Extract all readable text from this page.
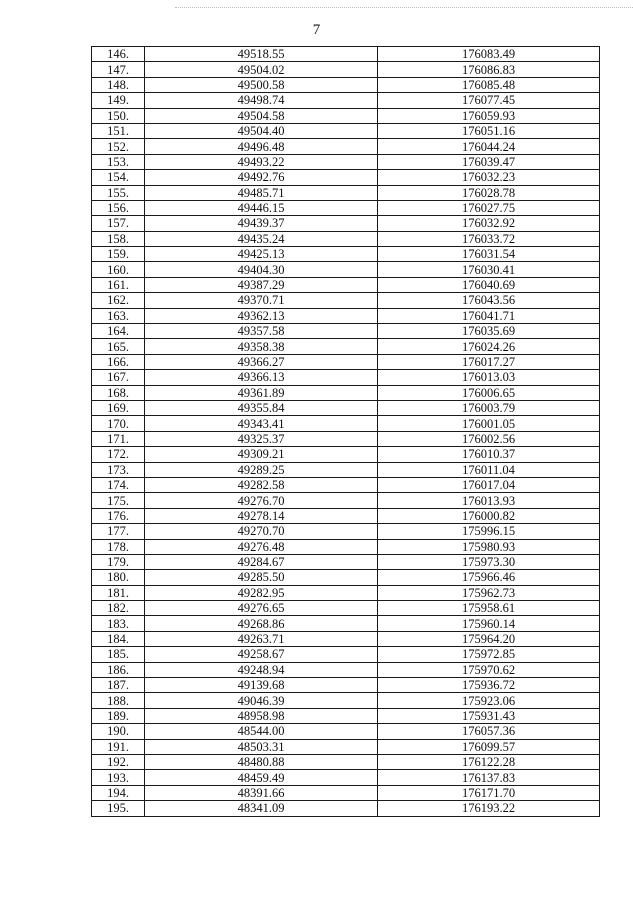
7
146.	49518.55	176083.49
147.	49504.02	176086.83
148.	49500.58	176085.48
149.	49498.74	176077.45
150.	49504.58	176059.93
151.	49504.40	176051.16
152.	49496.48	176044.24
153.	49493.22	176039.47
154.	49492.76	176032.23
155.	49485.71	176028.78
156.	49446.15	176027.75
157.	49439.37	176032.92
158.	49435.24	176033.72
159.	49425.13	176031.54
160.	49404.30	176030.41
161.	49387.29	176040.69
162.	49370.71	176043.56
163.	49362.13	176041.71
164.	49357.58	176035.69
165.	49358.38	176024.26
166.	49366.27	176017.27
167.	49366.13	176013.03
168.	49361.89	176006.65
169.	49355.84	176003.79
170.	49343.41	176001.05
171.	49325.37	176002.56
172.	49309.21	176010.37
173.	49289.25	176011.04
174.	49282.58	176017.04
175.	49276.70	176013.93
176.	49278.14	176000.82
177.	49270.70	175996.15
178.	49276.48	175980.93
179.	49284.67	175973.30
180.	49285.50	175966.46
181.	49282.95	175962.73
182.	49276.65	175958.61
183.	49268.86	175960.14
184.	49263.71	175964.20
185.	49258.67	175972.85
186.	49248.94	175970.62
187.	49139.68	175936.72
188.	49046.39	175923.06
189.	48958.98	175931.43
190.	48544.00	176057.36
191.	48503.31	176099.57
192.	48480.88	176122.28
193.	48459.49	176137.83
194.	48391.66	176171.70
195.	48341.09	176193.22
